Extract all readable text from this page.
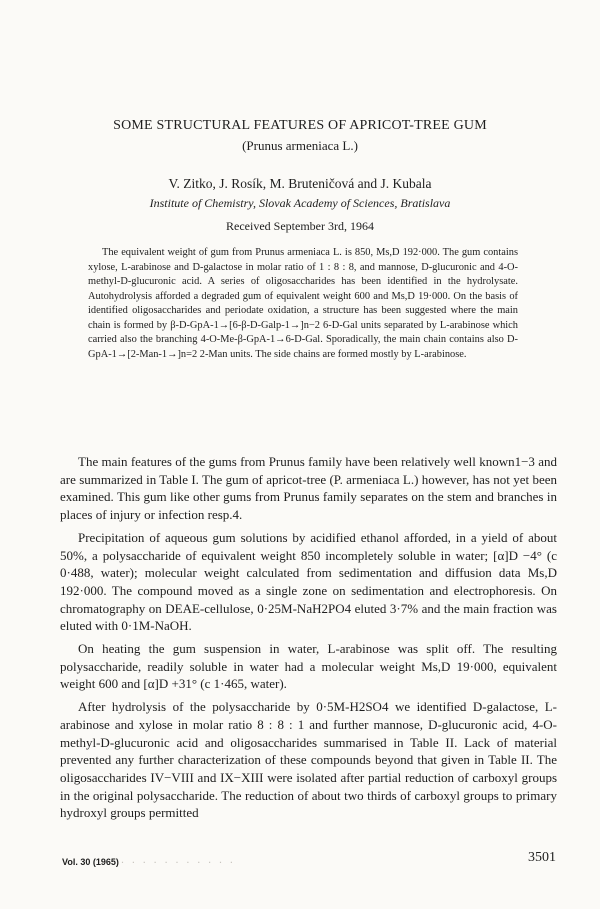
SOME STRUCTURAL FEATURES OF APRICOT-TREE GUM
(Prunus armeniaca L.)
V. Zitko, J. Rosík, M. Bruteničová and J. Kubala
Institute of Chemistry, Slovak Academy of Sciences, Bratislava
Received September 3rd, 1964

The equivalent weight of gum from Prunus armeniaca L. is 850, Ms,D 192·000. The gum contains xylose, L-arabinose and D-galactose in molar ratio of 1 : 8 : 8, and mannose, D-glucuronic and 4-O-methyl-D-glucuronic acid. A series of oligosaccharides has been identified in the hydrolysate. Autohydrolysis afforded a degraded gum of equivalent weight 600 and Ms,D 19·000. On the basis of identified oligosaccharides and periodate oxidation, a structure has been suggested where the main chain is formed by β-D-GpA-1→[6-β-D-Galp-1→]n−2 6-D-Gal units separated by L-arabinose which carried also the branching 4-O-Me-β-GpA-1→6-D-Gal. Sporadically, the main chain contains also D-GpA-1→[2-Man-1→]n=2 2-Man units. The side chains are formed mostly by L-arabinose.

The main features of the gums from Prunus family have been relatively well known1−3 and are summarized in Table I. The gum of apricot-tree (P. armeniaca L.) however, has not yet been examined. This gum like other gums from Prunus family separates on the stem and branches in places of injury or infection resp.4.

Precipitation of aqueous gum solutions by acidified ethanol afforded, in a yield of about 50%, a polysaccharide of equivalent weight 850 incompletely soluble in water; [α]D −4° (c 0·488, water); molecular weight calculated from sedimentation and diffusion data Ms,D 192·000. The compound moved as a single zone on sedimentation and electrophoresis. On chromatography on DEAE-cellulose, 0·25M-NaH2PO4 eluted 3·7% and the main fraction was eluted with 0·1M-NaOH.

On heating the gum suspension in water, L-arabinose was split off. The resulting polysaccharide, readily soluble in water had a molecular weight Ms,D 19·000, equivalent weight 600 and [α]D +31° (c 1·465, water).

After hydrolysis of the polysaccharide by 0·5M-H2SO4 we identified D-galactose, L-arabinose and xylose in molar ratio 8 : 8 : 1 and further mannose, D-glucuronic acid, 4-O-methyl-D-glucuronic acid and oligosaccharides summarised in Table II. Lack of material prevented any further characterization of these compounds beyond that given in Table II. The oligosaccharides IV−VIII and IX−XIII were isolated after partial reduction of carboxyl groups in the original polysaccharide. The reduction of about two thirds of carboxyl groups to primary hydroxyl groups permitted

Vol. 30 (1965) · · · · · · · · · · ·	3501
